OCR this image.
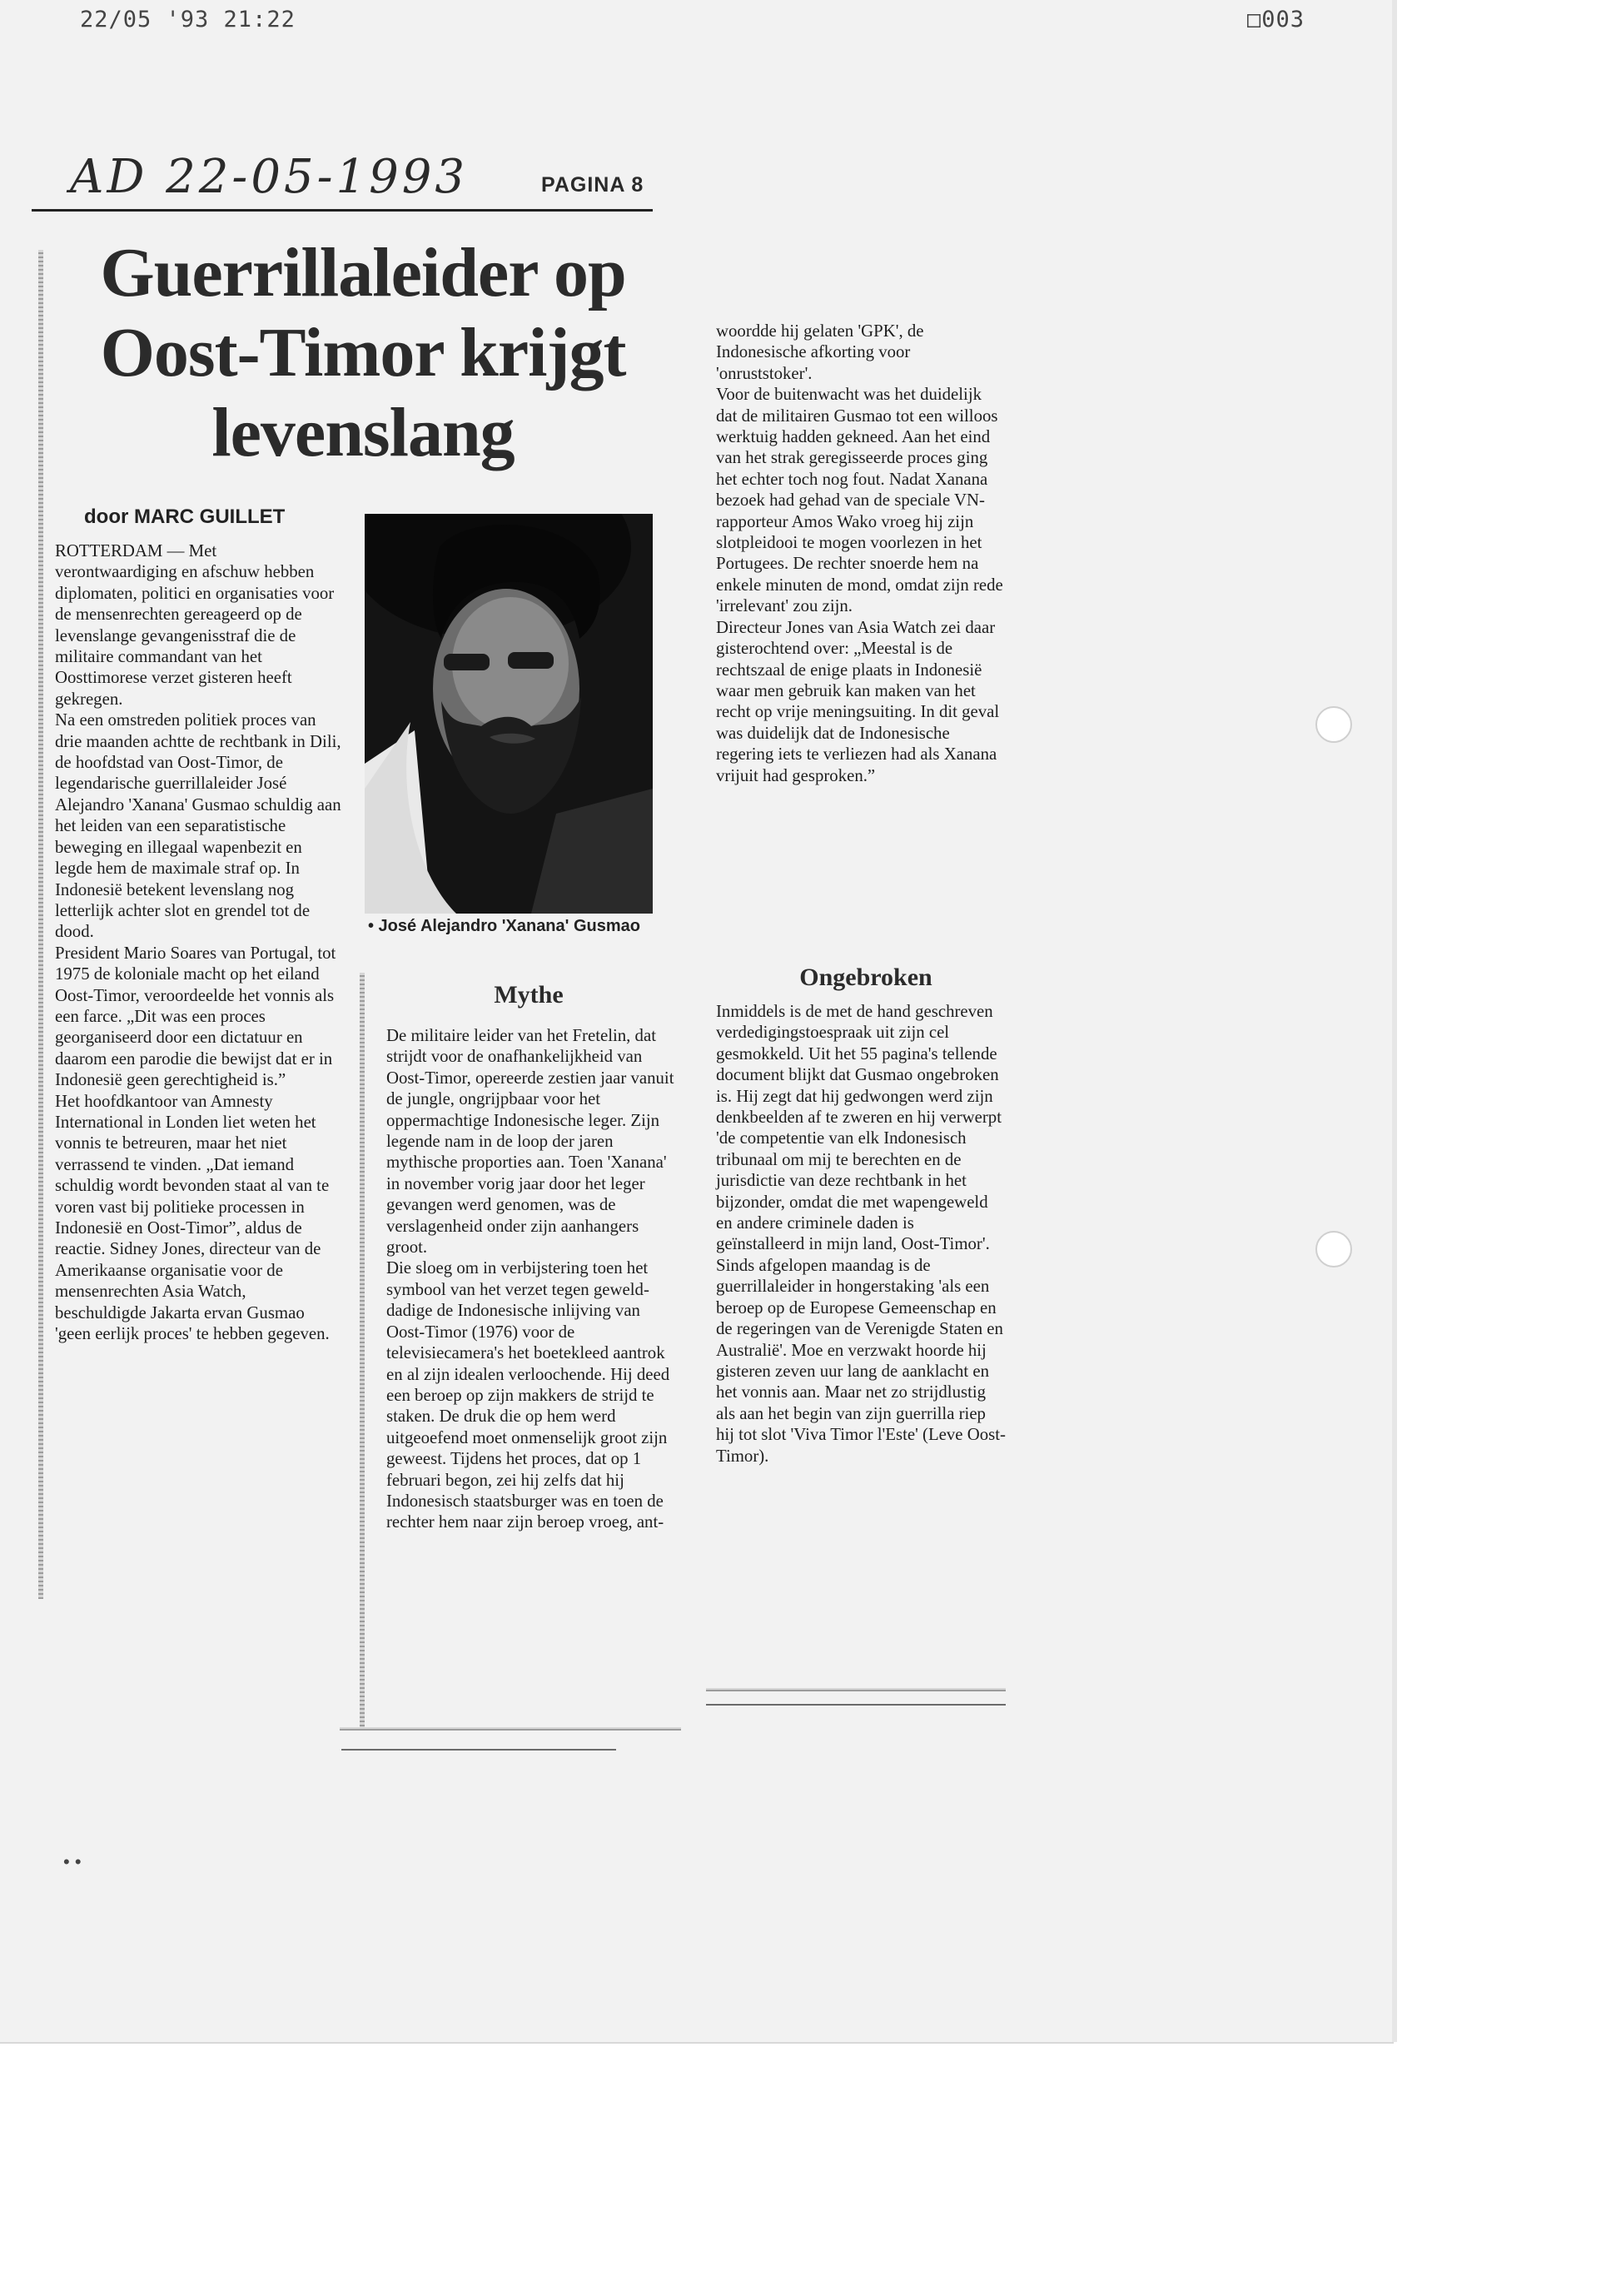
22/05 '93 21:22	□003
AD 22-05-1993	PAGINA 8
Guerrillaleider op Oost-Timor krijgt levenslang
door MARC GUILLET

ROTTERDAM — Met verontwaardiging en afschuw hebben diplomaten, politici en organisaties voor de mensenrechten gereageerd op de levenslange gevangenisstraf die de militaire commandant van het Oosttimorese verzet gisteren heeft gekregen.
Na een omstreden politiek proces van drie maanden achtte de rechtbank in Dili, de hoofdstad van Oost-Timor, de legendarische guerrillaleider José Alejandro 'Xanana' Gusmao schuldig aan het leiden van een separatistische beweging en illegaal wapenbezit en legde hem de maximale straf op. In Indonesië betekent levenslang nog letterlijk achter slot en grendel tot de dood.
President Mario Soares van Portugal, tot 1975 de koloniale macht op het eiland Oost-Timor, veroordeelde het vonnis als een farce. „Dit was een proces georganiseerd door een dictatuur en daarom een parodie die bewijst dat er in Indonesië geen gerechtigheid is.”
Het hoofdkantoor van Amnesty International in Londen liet weten het vonnis te betreuren, maar het niet verrassend te vinden. „Dat iemand schuldig wordt bevonden staat al van te voren vast bij politieke processen in Indonesië en Oost-Timor”, aldus de reactie. Sidney Jones, directeur van de Amerikaanse organisatie voor de mensenrechten Asia Watch, beschuldigde Jakarta ervan Gusmao 'geen eerlijk proces' te hebben gegeven.

• José Alejandro 'Xanana' Gusmao
Mythe

De militaire leider van het Fretelin, dat strijdt voor de onafhankelijkheid van Oost-Timor, opereerde zestien jaar vanuit de jungle, ongrijpbaar voor het oppermachtige Indonesische leger. Zijn legende nam in de loop der jaren mythische proporties aan. Toen 'Xanana' in november vorig jaar door het leger gevangen werd genomen, was de verslagenheid onder zijn aanhangers groot.
Die sloeg om in verbijstering toen het symbool van het verzet tegen gewelddadige de Indonesische inlijving van Oost-Timor (1976) voor de televisiecamera's het boetekleed aantrok en al zijn idealen verloochende. Hij deed een beroep op zijn makkers de strijd te staken. De druk die op hem werd uitgeoefend moet onmenselijk groot zijn geweest. Tijdens het proces, dat op 1 februari begon, zei hij zelfs dat hij Indonesisch staatsburger was en toen de rechter hem naar zijn beroep vroeg, ant-

woordde hij gelaten 'GPK', de Indonesische afkorting voor 'onruststoker'.
Voor de buitenwacht was het duidelijk dat de militairen Gusmao tot een willoos werktuig hadden gekneed. Aan het eind van het strak geregisseerde proces ging het echter toch nog fout. Nadat Xanana bezoek had gehad van de speciale VN-rapporteur Amos Wako vroeg hij zijn slotpleidooi te mogen voorlezen in het Portugees. De rechter snoerde hem na enkele minuten de mond, omdat zijn rede 'irrelevant' zou zijn.
Directeur Jones van Asia Watch zei daar gisterochtend over: „Meestal is de rechtszaal de enige plaats in Indonesië waar men gebruik kan maken van het recht op vrije meningsuiting. In dit geval was duidelijk dat de Indonesische regering iets te verliezen had als Xanana vrijuit had gesproken.”

Ongebroken

Inmiddels is de met de hand geschreven verdedigingstoespraak uit zijn cel gesmokkeld. Uit het 55 pagina's tellende document blijkt dat Gusmao ongebroken is. Hij zegt dat hij gedwongen werd zijn denkbeelden af te zweren en hij verwerpt 'de competentie van elk Indonesisch tribunaal om mij te berechten en de jurisdictie van deze rechtbank in het bijzonder, omdat die met wapengeweld en andere criminele daden is geïnstalleerd in mijn land, Oost-Timor'.
Sinds afgelopen maandag is de guerrillaleider in hongerstaking 'als een beroep op de Europese Gemeenschap en de regeringen van de Verenigde Staten en Australië'. Moe en verzwakt hoorde hij gisteren zeven uur lang de aanklacht en het vonnis aan. Maar net zo strijdlustig als aan het begin van zijn guerrilla riep hij tot slot 'Viva Timor l'Este' (Leve Oost-Timor).

• •
